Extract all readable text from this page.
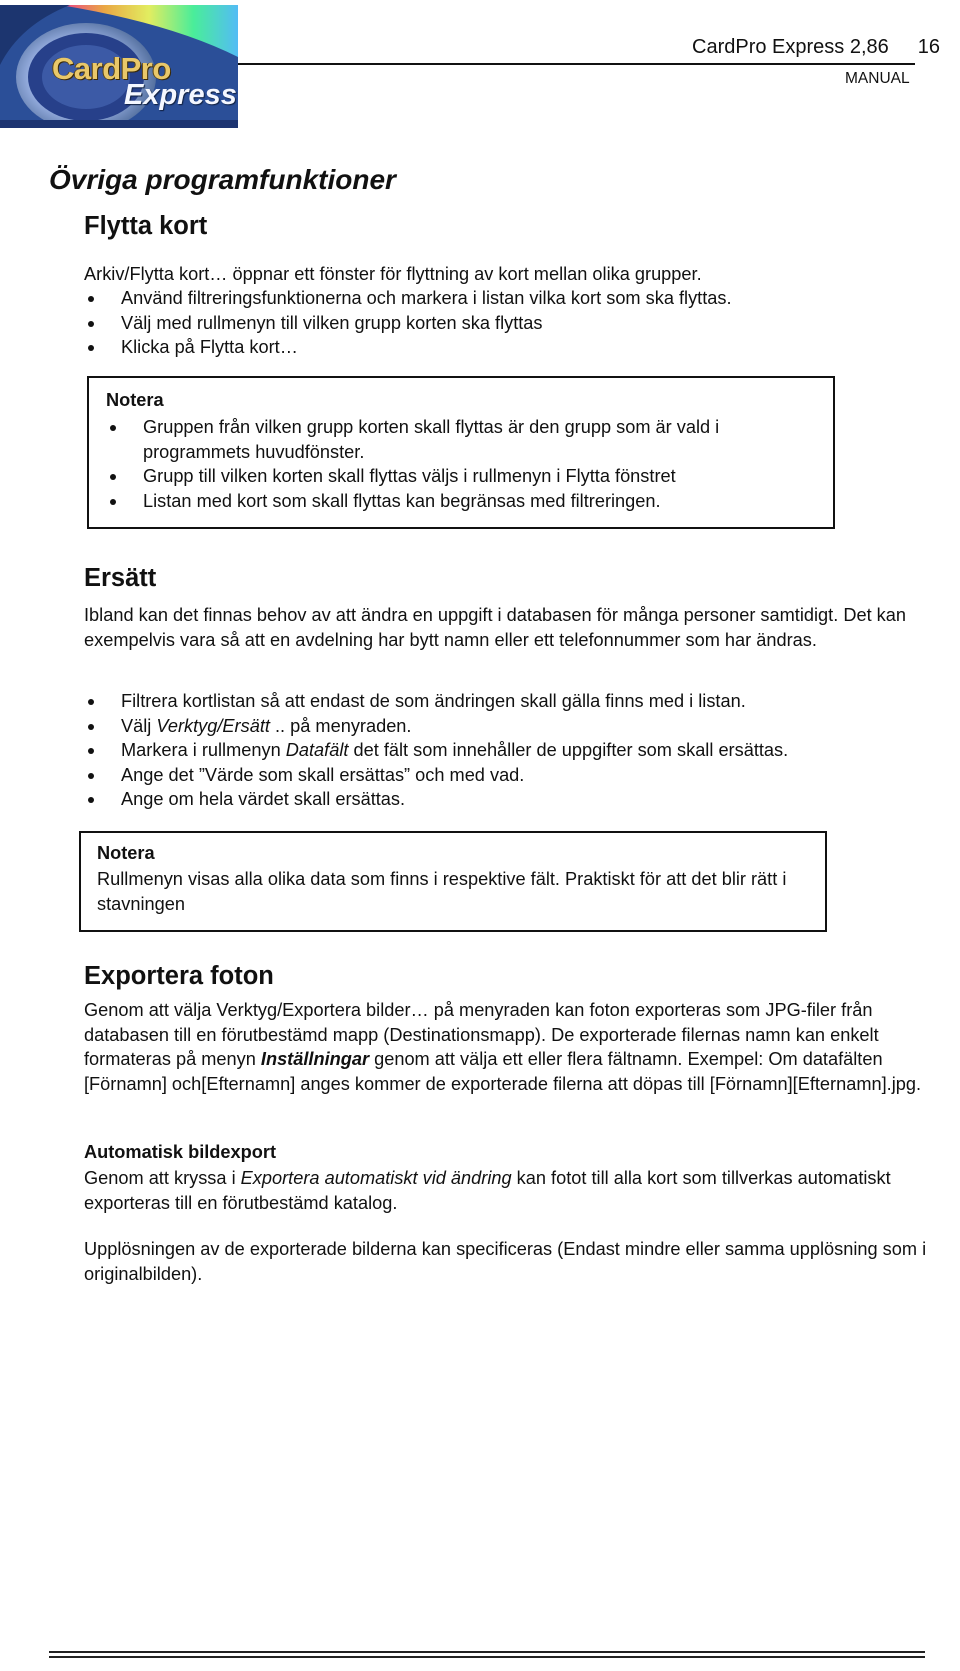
CardPro
Express
CardPro Express 2,86 16
MANUAL
Övriga programfunktioner
Flytta kort

Arkiv/Flytta kort… öppnar ett fönster för flyttning av kort mellan olika grupper.

Använd filtreringsfunktionerna och markera i listan vilka kort som ska flyttas.
Välj med rullmenyn till vilken grupp korten ska flyttas
Klicka på Flytta kort…
Notera
Gruppen från vilken grupp korten skall flyttas är den grupp som är vald i programmets huvudfönster.
Grupp till vilken korten skall flyttas väljs i rullmenyn i Flytta fönstret
Listan med kort som skall flyttas kan begränsas med filtreringen.
Ersätt

Ibland kan det finnas behov av att ändra en uppgift i databasen för många personer samtidigt. Det kan exempelvis vara så att en avdelning har bytt namn eller ett telefonnummer som har ändras.

Filtrera kortlistan så att endast de som ändringen skall gälla finns med i listan.
Välj Verktyg/Ersätt .. på menyraden.
Markera i rullmenyn Datafält det fält som innehåller de uppgifter som skall ersättas.
Ange det ”Värde som skall ersättas” och med vad.
Ange om hela värdet skall ersättas.
Notera

Rullmenyn visas alla olika data som finns i respektive fält. Praktiskt för att det blir rätt i stavningen

Exportera foton

Genom att välja Verktyg/Exportera bilder… på menyraden kan foton exporteras som JPG-filer från databasen till en förutbestämd mapp (Destinationsmapp). De exporterade filernas namn kan enkelt formateras på menyn Inställningar genom att välja ett eller flera fältnamn. Exempel: Om datafälten [Förnamn] och[Efternamn] anges kommer de exporterade filerna att döpas till [Förnamn][Efternamn].jpg.

Automatisk bildexport

Genom att kryssa i Exportera automatiskt vid ändring kan fotot till alla kort som tillverkas automatiskt exporteras till en förutbestämd katalog.

Upplösningen av de exporterade bilderna kan specificeras (Endast mindre eller samma upplösning som i originalbilden).
